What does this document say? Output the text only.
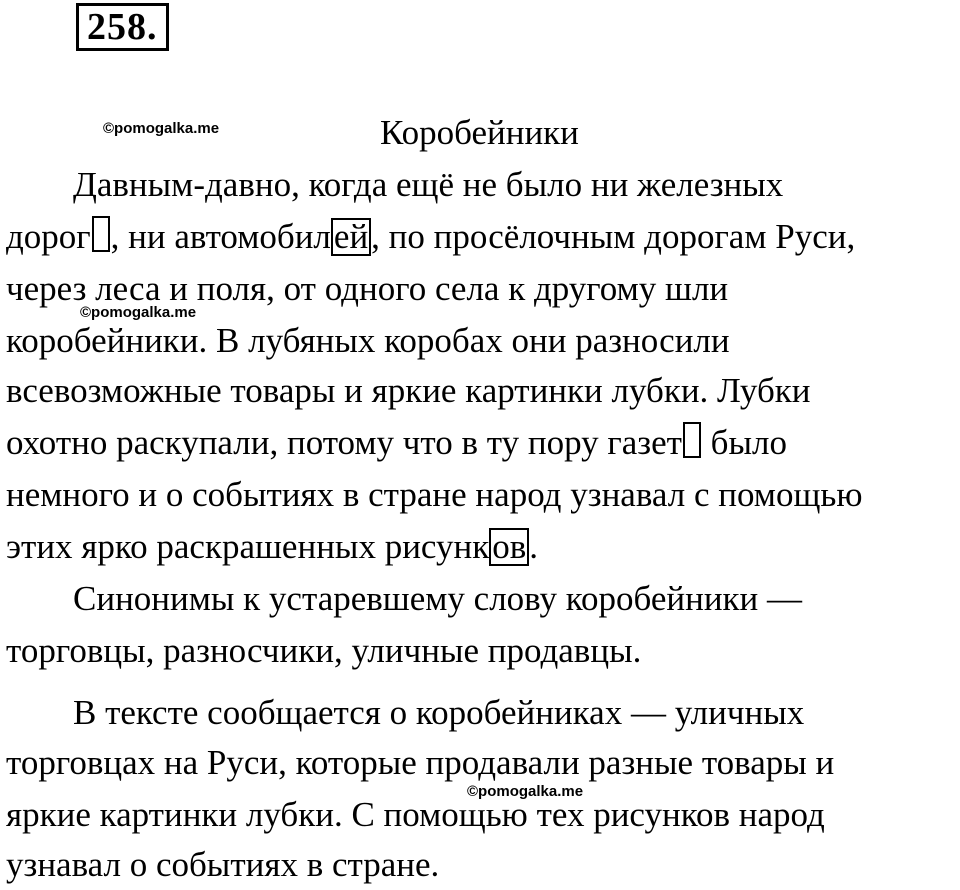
258.
©pomogalka.me
©pomogalka.me
©pomogalka.me
Коробейники
Давным-давно, когда ещё не было ни железных
дорог , ни автомобилей, по просёлочным дорогам Руси,
через леса и поля, от одного села к другому шли
коробейники. В лубяных коробах они разносили
всевозможные товары и яркие картинки лубки. Лубки
охотно раскупали, потому что в ту пору газет было
немного и о событиях в стране народ узнавал с помощью
этих ярко раскрашенных рисунков.
Синонимы к устаревшему слову коробейники —
торговцы, разносчики, уличные продавцы.
В тексте сообщается о коробейниках — уличных
торговцах на Руси, которые продавали разные товары и
яркие картинки лубки. С помощью тех рисунков народ
узнавал о событиях в стране.
